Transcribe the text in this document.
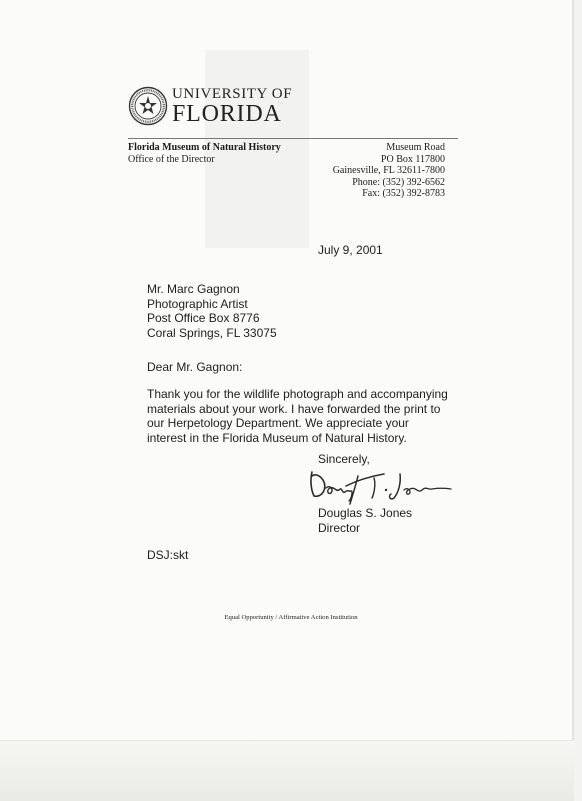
UNIVERSITY OF
FLORIDA
Florida Museum of Natural History
Office of the Director
Museum Road
PO Box 117800
Gainesville, FL 32611-7800
Phone: (352) 392-6562
Fax: (352) 392-8783
July 9, 2001
Mr. Marc Gagnon
Photographic Artist
Post Office Box 8776
Coral Springs, FL 33075
Dear Mr. Gagnon:
Thank you for the wildlife photograph and accompanying
materials about your work. I have forwarded the print to
our Herpetology Department. We appreciate your
interest in the Florida Museum of Natural History.
Sincerely,
Douglas S. Jones
Director
DSJ:skt
Equal Opportunity / Affirmative Action Institution
